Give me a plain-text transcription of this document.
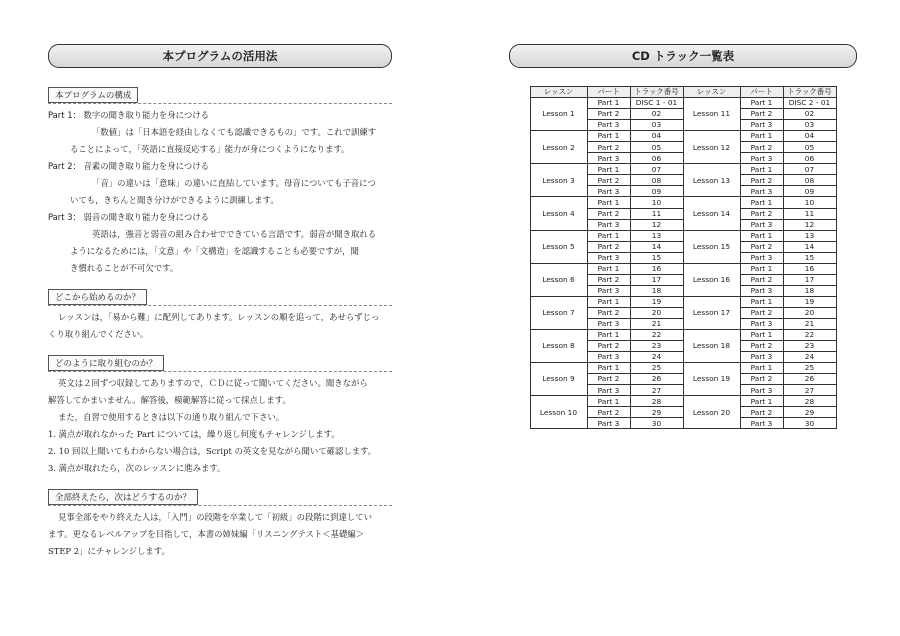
本プログラムの活用法
本プログラムの構成
Part 1： 数字の聞き取り能力を身につける
「数値」は「日本語を経由しなくても認識できるもの」です。これで訓練す
ることによって，「英語に直接反応する」能力が身につくようになります。
Part 2： 音素の聞き取り能力を身につける
「音」の違いは「意味」の違いに直結しています。母音についても子音につ
いても，きちんと聞き分けができるように訓練します。
Part 3： 弱音の聞き取り能力を身につける
英語は，強音と弱音の組み合わせでできている言語です。弱音が聞き取れる
ようになるためには，「文意」や「文構造」を認識することも必要ですが，聞
き慣れることが不可欠です。
どこから始めるのか？
レッスンは，「易から難」に配列してあります。レッスンの順を追って，あせらずじっ
くり取り組んでください。
どのように取り組むのか？
英文は２回ずつ収録してありますので，ＣＤに従って聞いてください。聞きながら
解答してかまいません。解答後，模範解答に従って採点します。
また，自習で使用するときは以下の通り取り組んで下さい。
1. 満点が取れなかった Part については，繰り返し何度もチャレンジします。
2. 10 回以上聞いてもわからない場合は，Script の英文を見ながら聞いて確認します。
3. 満点が取れたら，次のレッスンに進みます。
全部終えたら，次はどうするのか？
見事全部をやり終えた人は，「入門」の段階を卒業して「初級」の段階に到達してい
ます。更なるレベルアップを目指して，本書の姉妹編「リスニングテスト＜基礎編＞
STEP 2」にチャレンジします。
CD トラック一覧表
レッスン	パート	トラック番号	レッスン	パート	トラック番号
Lesson 1	Part 1	DISC 1 - 01	Lesson 11	Part 1	DISC 2 - 01
	Part 2	02		Part 2	02
	Part 3	03		Part 3	03
Lesson 2	Part 1	04	Lesson 12	Part 1	04
	Part 2	05		Part 2	05
	Part 3	06		Part 3	06
Lesson 3	Part 1	07	Lesson 13	Part 1	07
	Part 2	08		Part 2	08
	Part 3	09		Part 3	09
Lesson 4	Part 1	10	Lesson 14	Part 1	10
	Part 2	11		Part 2	11
	Part 3	12		Part 3	12
Lesson 5	Part 1	13	Lesson 15	Part 1	13
	Part 2	14		Part 2	14
	Part 3	15		Part 3	15
Lesson 6	Part 1	16	Lesson 16	Part 1	16
	Part 2	17		Part 2	17
	Part 3	18		Part 3	18
Lesson 7	Part 1	19	Lesson 17	Part 1	19
	Part 2	20		Part 2	20
	Part 3	21		Part 3	21
Lesson 8	Part 1	22	Lesson 18	Part 1	22
	Part 2	23		Part 2	23
	Part 3	24		Part 3	24
Lesson 9	Part 1	25	Lesson 19	Part 1	25
	Part 2	26		Part 2	26
	Part 3	27		Part 3	27
Lesson 10	Part 1	28	Lesson 20	Part 1	28
	Part 2	29		Part 2	29
	Part 3	30		Part 3	30
